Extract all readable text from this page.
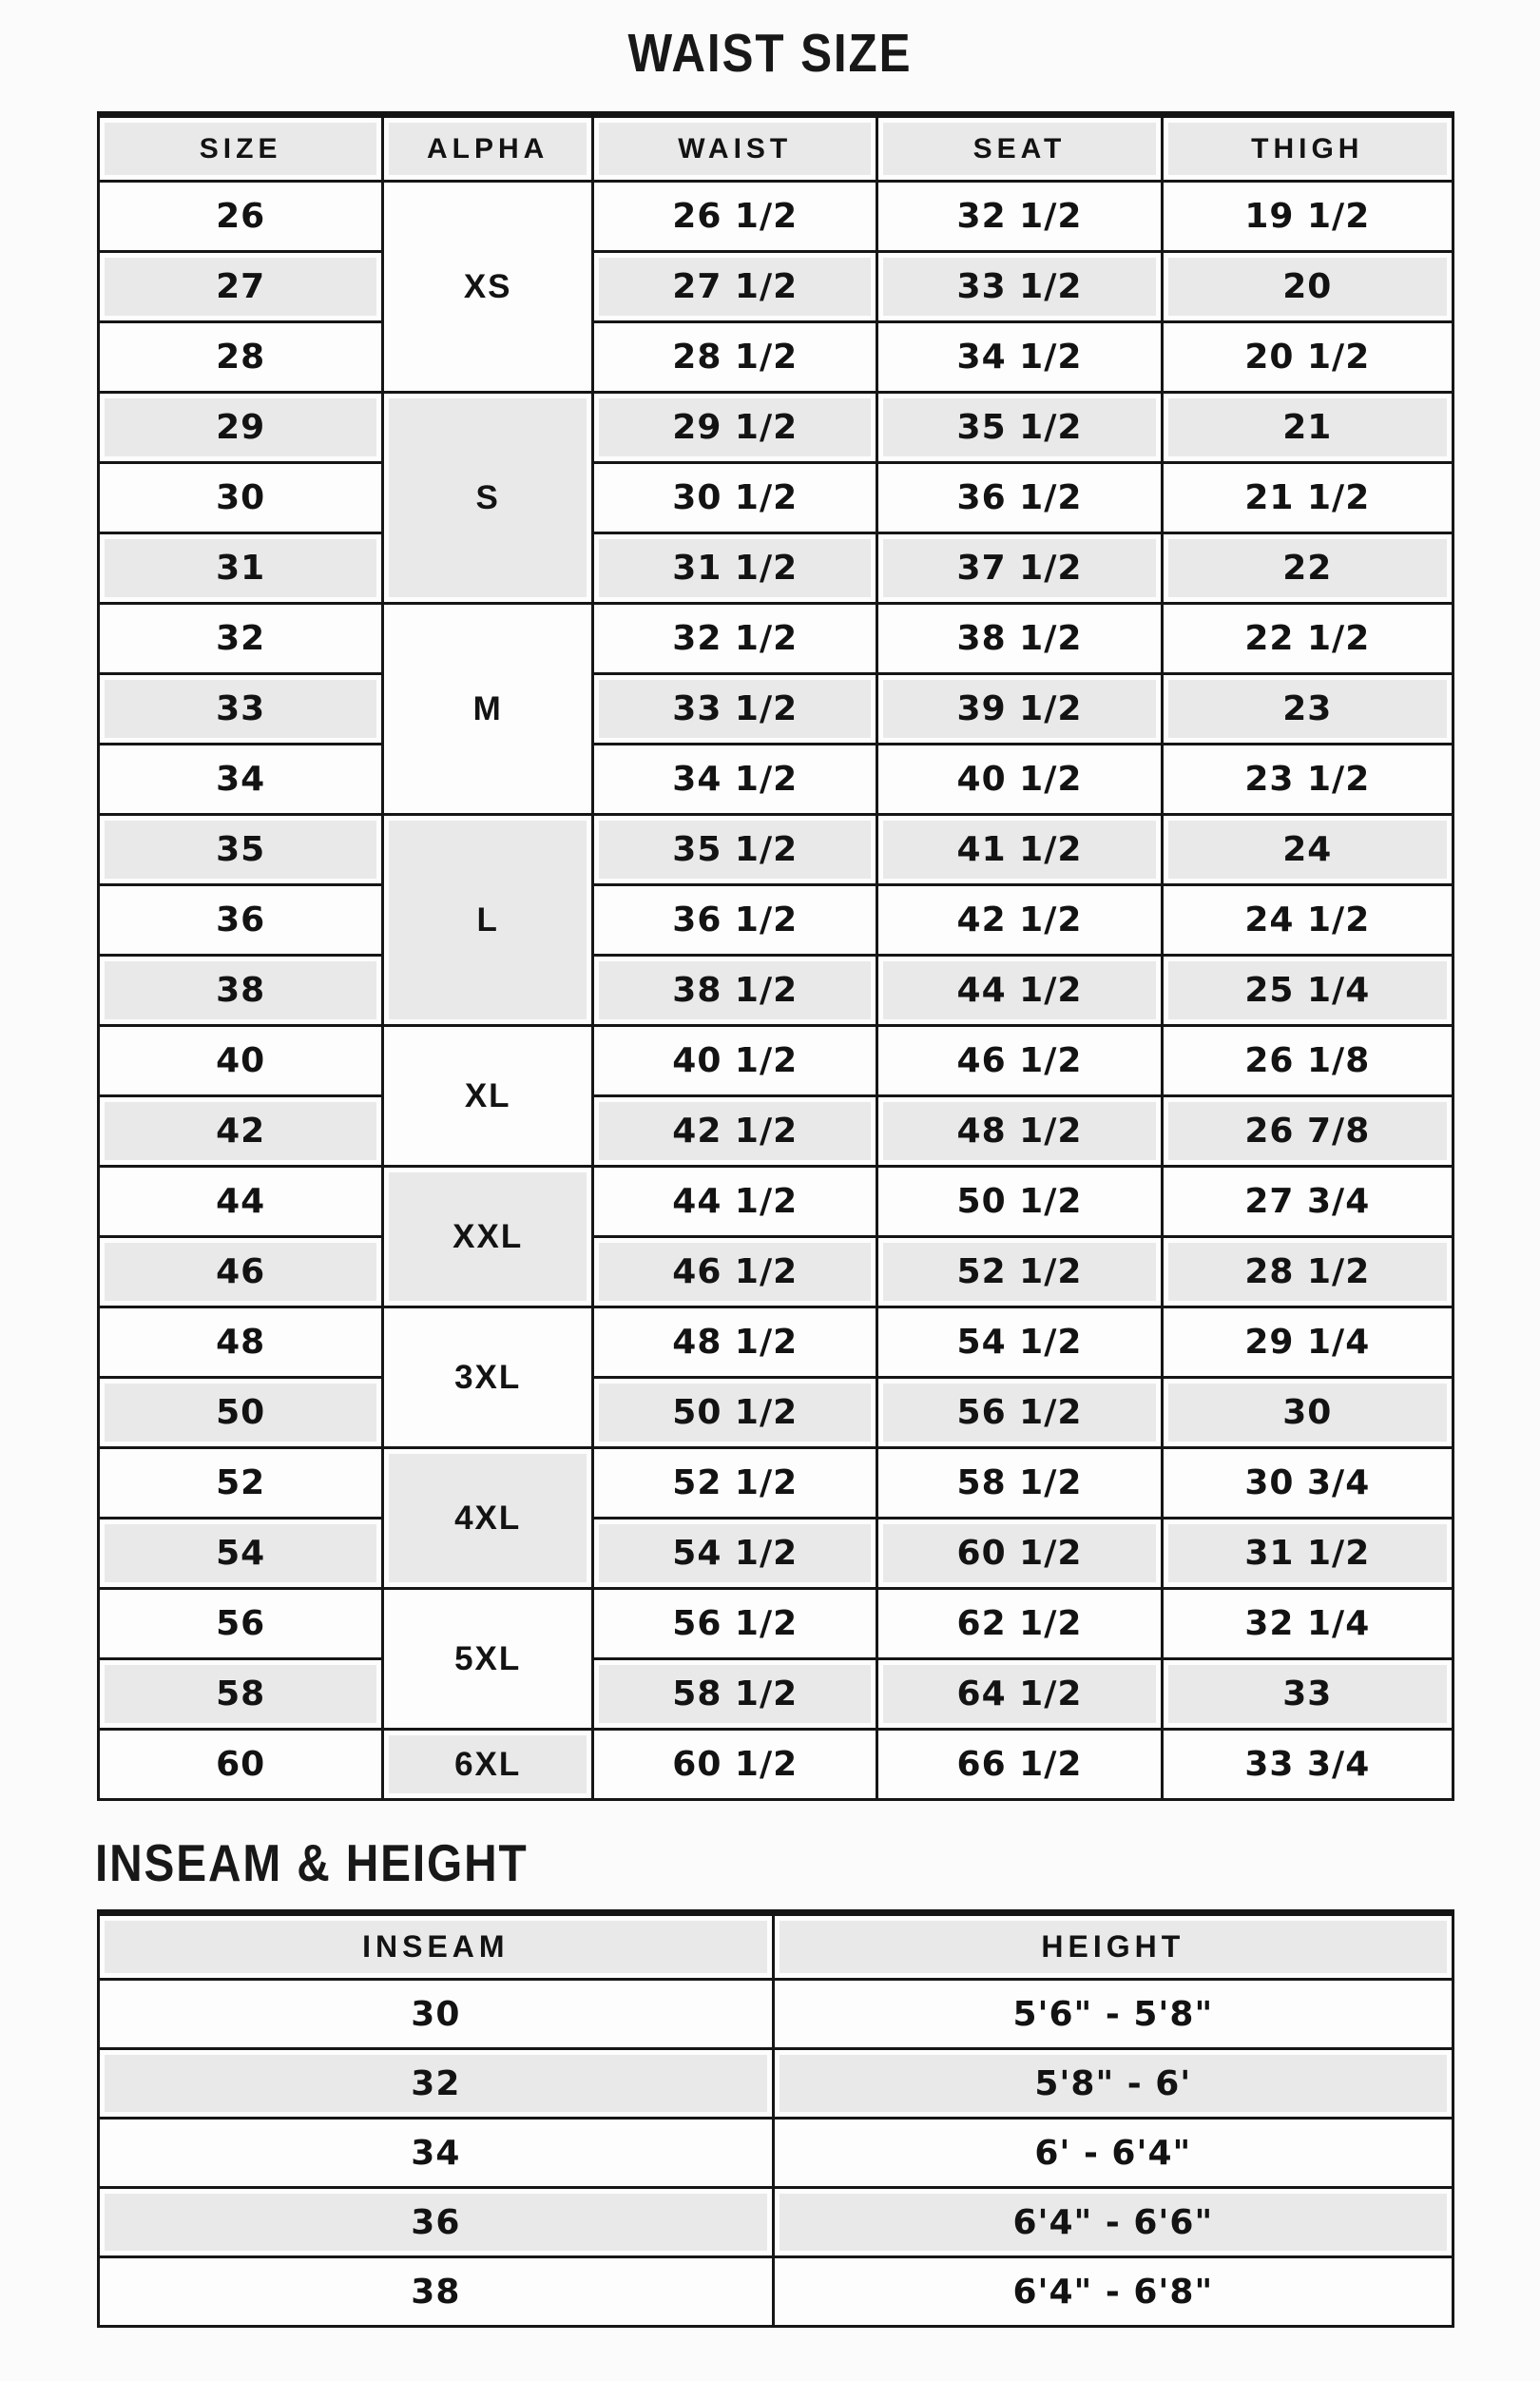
WAIST SIZE
SIZE	ALPHA	WAIST	SEAT	THIGH
26	XS	26 1/2	32 1/2	19 1/2
27		27 1/2	33 1/2	20
28		28 1/2	34 1/2	20 1/2
29	S	29 1/2	35 1/2	21
30		30 1/2	36 1/2	21 1/2
31		31 1/2	37 1/2	22
32	M	32 1/2	38 1/2	22 1/2
33		33 1/2	39 1/2	23
34		34 1/2	40 1/2	23 1/2
35	L	35 1/2	41 1/2	24
36		36 1/2	42 1/2	24 1/2
38		38 1/2	44 1/2	25 1/4
40	XL	40 1/2	46 1/2	26 1/8
42		42 1/2	48 1/2	26 7/8
44	XXL	44 1/2	50 1/2	27 3/4
46		46 1/2	52 1/2	28 1/2
48	3XL	48 1/2	54 1/2	29 1/4
50		50 1/2	56 1/2	30
52	4XL	52 1/2	58 1/2	30 3/4
54		54 1/2	60 1/2	31 1/2
56	5XL	56 1/2	62 1/2	32 1/4
58		58 1/2	64 1/2	33
60	6XL	60 1/2	66 1/2	33 3/4
INSEAM & HEIGHT
INSEAM	HEIGHT
30	5'6" - 5'8"
32	5'8" - 6'
34	6' - 6'4"
36	6'4" - 6'6"
38	6'4" - 6'8"
